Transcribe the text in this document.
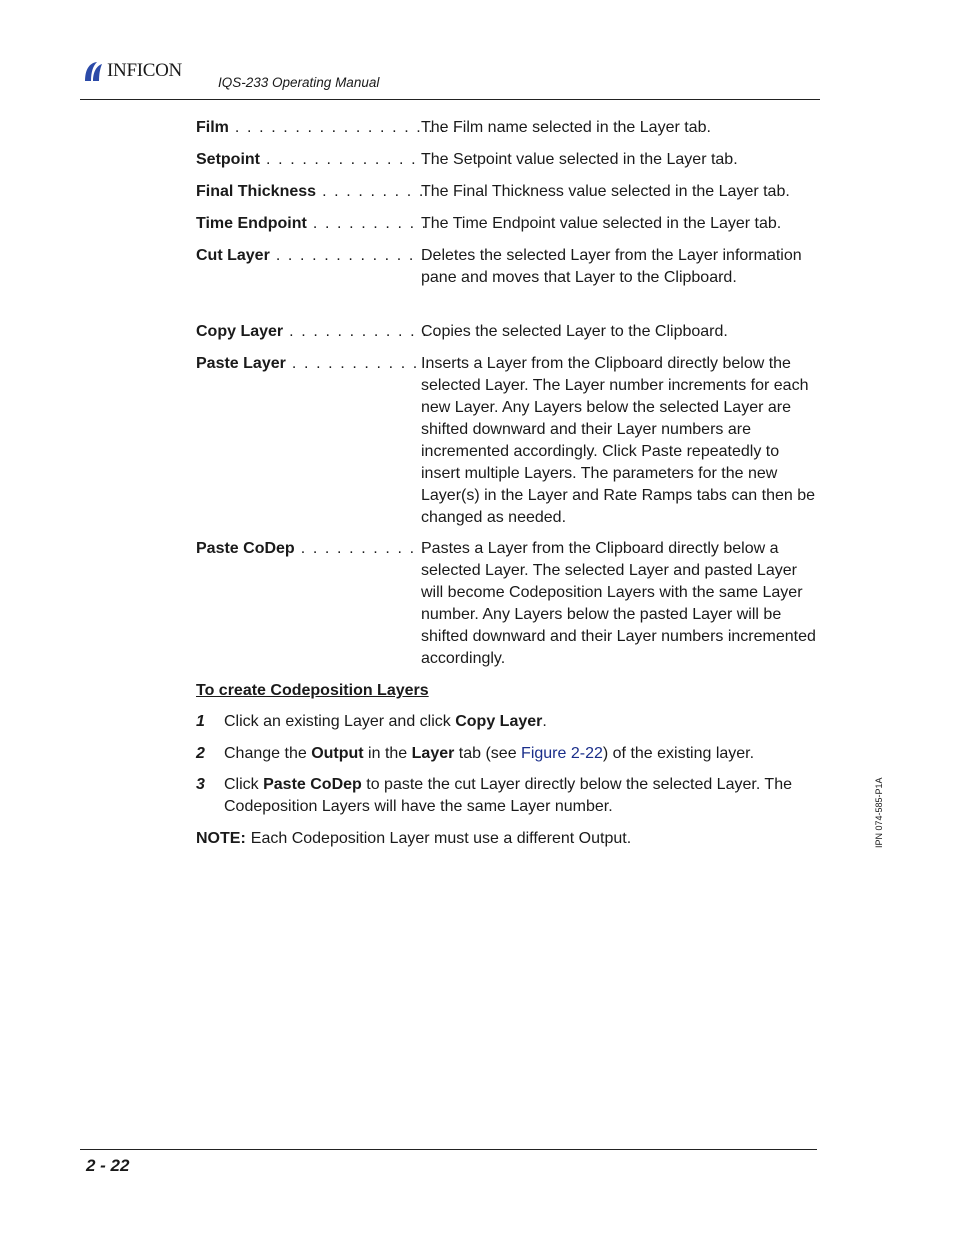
INFICON
IQS-233 Operating Manual
Film . . . . . . . . . . . . . . . . . . .
The Film name selected in the Layer tab.
Setpoint . . . . . . . . . . . . . . .
The Setpoint value selected in the Layer tab.
Final Thickness . . . . . . . . .
The Final Thickness value selected in the Layer tab.
Time Endpoint . . . . . . . . . .
The Time Endpoint value selected in the Layer tab.
Cut Layer . . . . . . . . . . . . . .
Deletes the selected Layer from the Layer information pane and moves that Layer to the Clipboard.
Copy Layer . . . . . . . . . . . . .
Copies the selected Layer to the Clipboard.
Paste Layer . . . . . . . . . . . .
Inserts a Layer from the Clipboard directly below the selected Layer. The Layer number increments for each new Layer. Any Layers below the selected Layer are shifted downward and their Layer numbers are incremented accordingly. Click Paste repeatedly to insert multiple Layers. The parameters for the new Layer(s) in the Layer and Rate Ramps tabs can then be changed as needed.
Paste CoDep . . . . . . . . . . .
Pastes a Layer from the Clipboard directly below a selected Layer. The selected Layer and pasted Layer will become Codeposition Layers with the same Layer number. Any Layers below the pasted Layer will be shifted downward and their Layer numbers incremented accordingly.
To create Codeposition Layers
1 Click an existing Layer and click Copy Layer.
2 Change the Output in the Layer tab (see Figure 2-22) of the existing layer.
3 Click Paste CoDep to paste the cut Layer directly below the selected Layer. The Codeposition Layers will have the same Layer number.
NOTE: Each Codeposition Layer must use a different Output.	IPN 074-585-P1A
2 - 22
